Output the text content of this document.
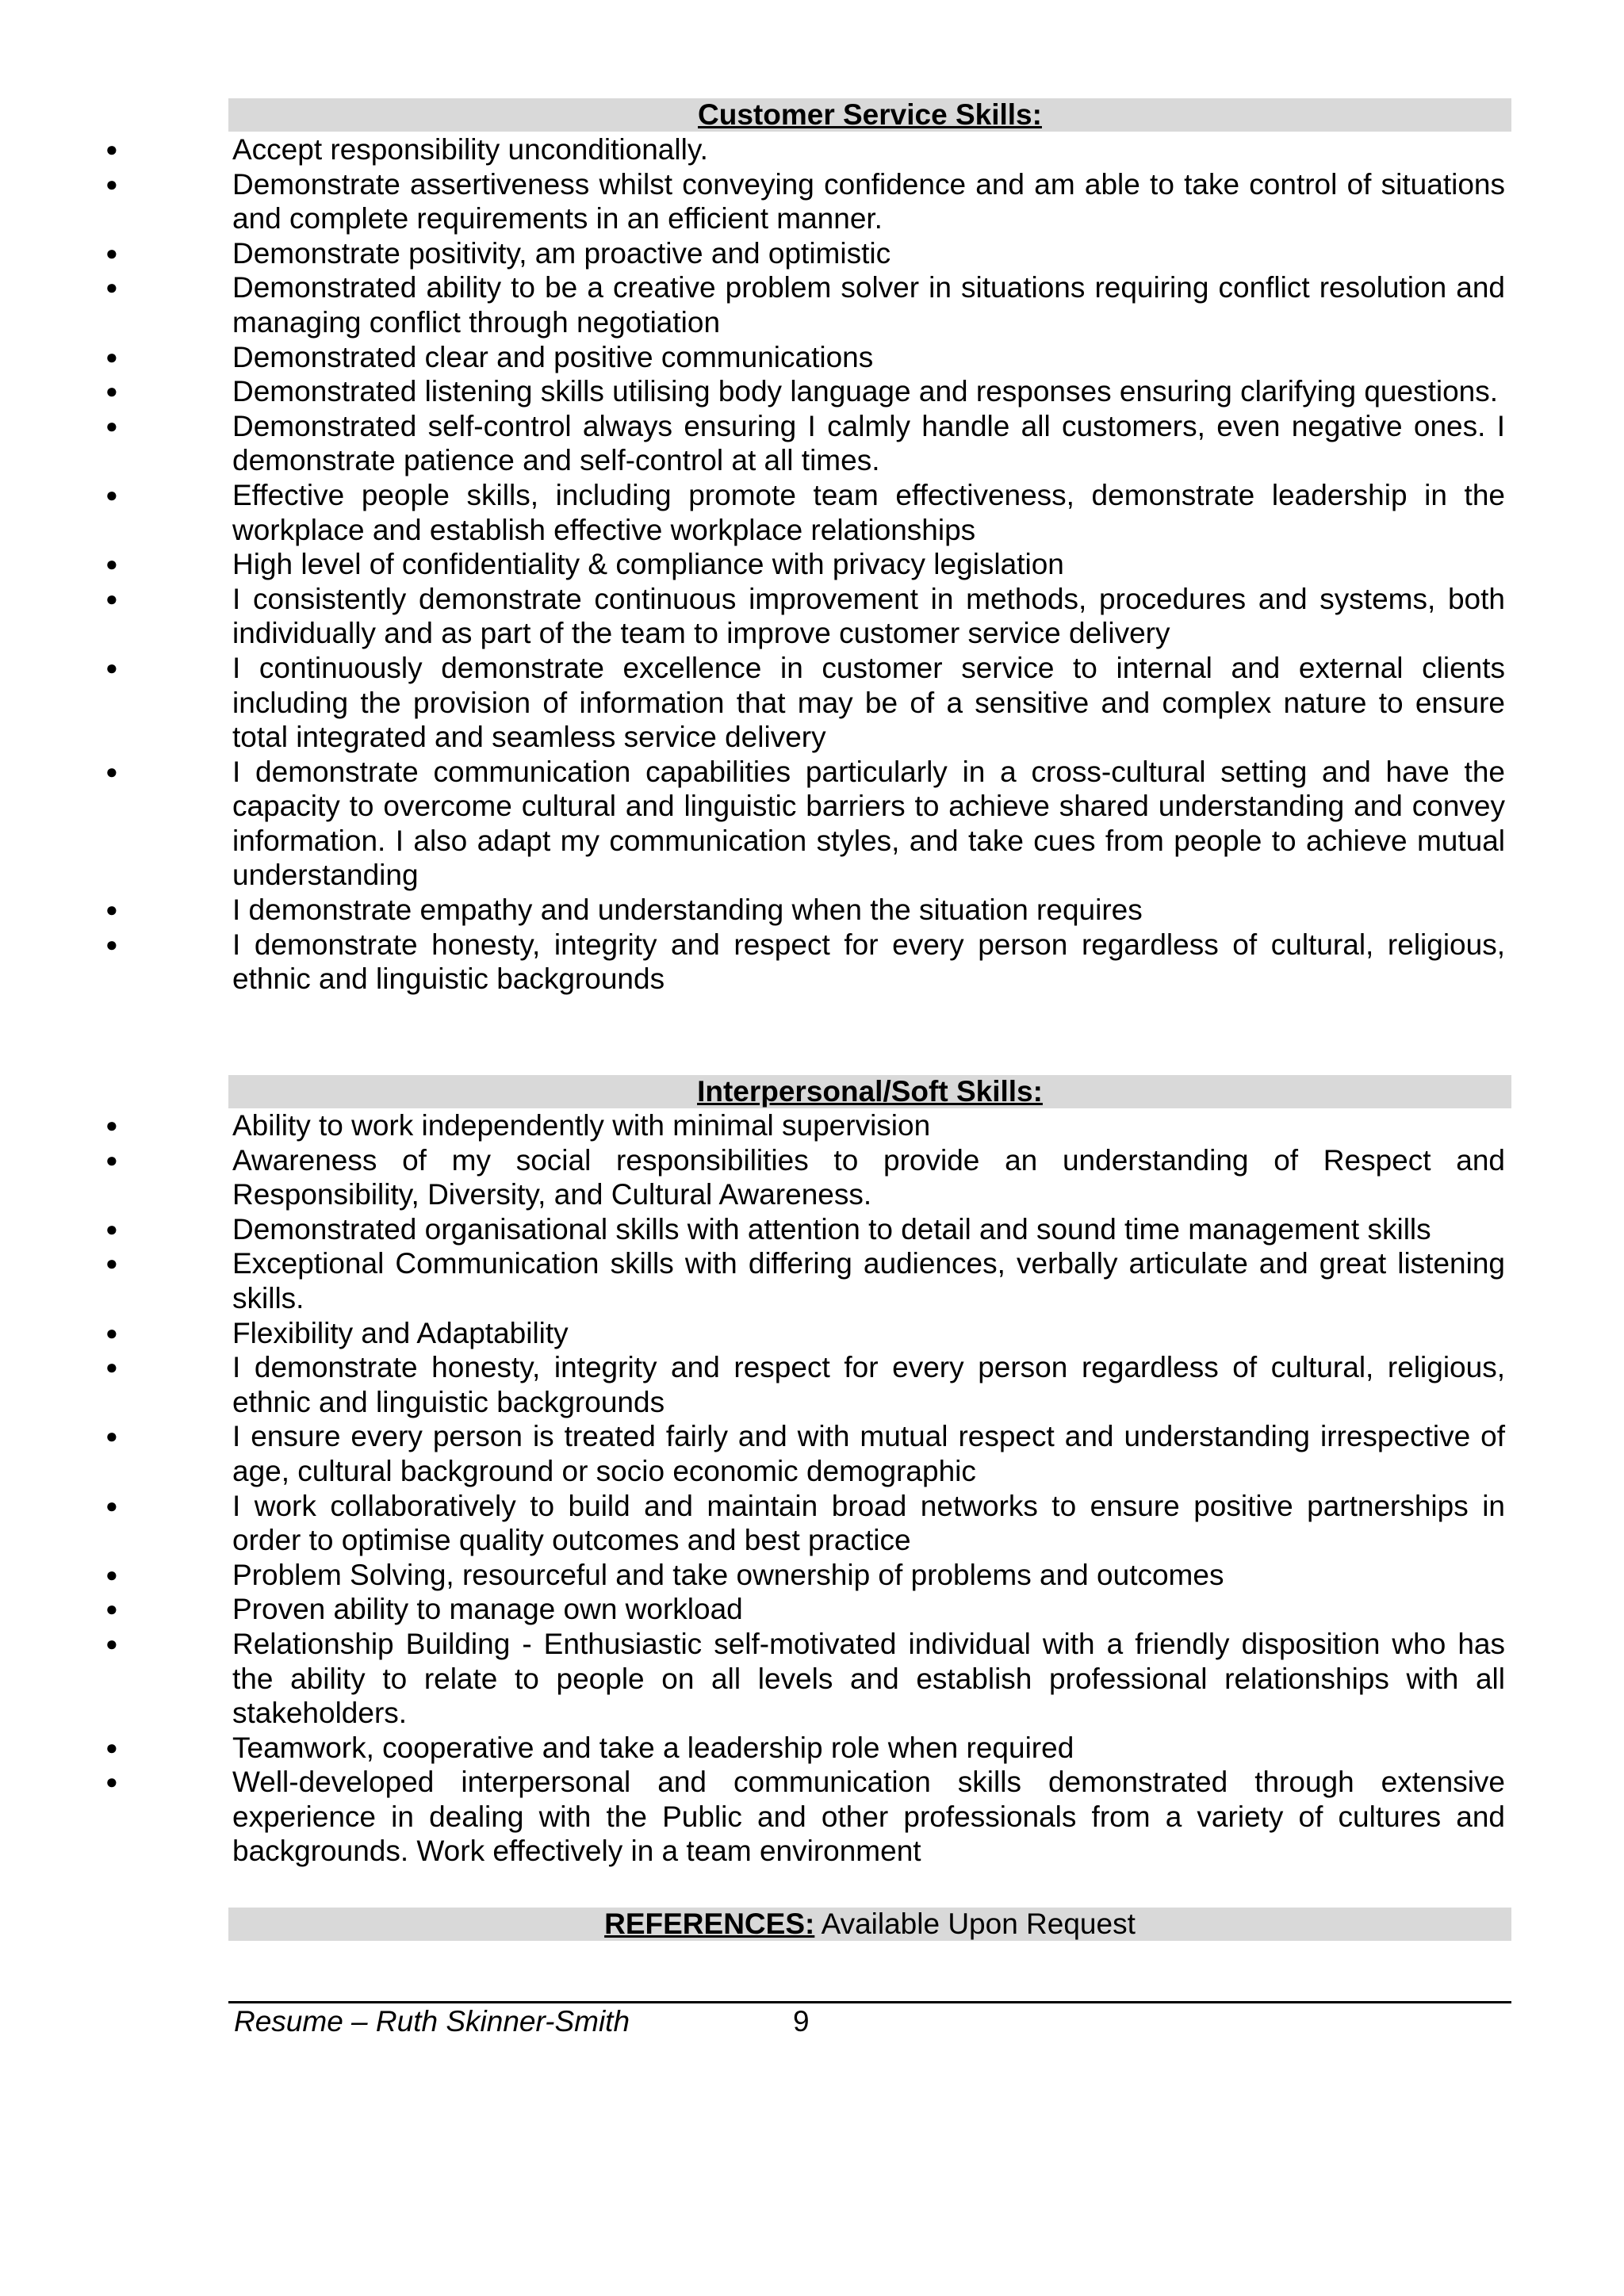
Customer Service Skills:
●	Accept responsibility unconditionally.
●	Demonstrate assertiveness whilst conveying confidence and am able to take control of situations and complete requirements in an efficient manner.
●	Demonstrate positivity, am proactive and optimistic
●	Demonstrated ability to be a creative problem solver in situations requiring conflict resolution and managing conflict through negotiation
●	Demonstrated clear and positive communications
●	Demonstrated listening skills utilising body language and responses ensuring clarifying questions.
●	Demonstrated self-control always ensuring I calmly handle all customers, even negative ones. I demonstrate patience and self-control at all times.
●	Effective people skills, including promote team effectiveness, demonstrate leadership in the workplace and establish effective workplace relationships
●	High level of confidentiality & compliance with privacy legislation
●	I consistently demonstrate continuous improvement in methods, procedures and systems, both individually and as part of the team to improve customer service delivery
●	I continuously demonstrate excellence in customer service to internal and external clients including the provision of information that may be of a sensitive and complex nature to ensure total integrated and seamless service delivery
●	I demonstrate communication capabilities particularly in a cross-cultural setting and have the capacity to overcome cultural and linguistic barriers to achieve shared understanding and convey information. I also adapt my communication styles, and take cues from people to achieve mutual understanding
●	I demonstrate empathy and understanding when the situation requires
●	I demonstrate honesty, integrity and respect for every person regardless of cultural, religious, ethnic and linguistic backgrounds
Interpersonal/Soft Skills:
●	Ability to work independently with minimal supervision
●	Awareness of my social responsibilities to provide an understanding of Respect and Responsibility, Diversity, and Cultural Awareness.
●	Demonstrated organisational skills with attention to detail and sound time management skills
●	Exceptional Communication skills with differing audiences, verbally articulate and great listening skills.
●	Flexibility and Adaptability
●	I demonstrate honesty, integrity and respect for every person regardless of cultural, religious, ethnic and linguistic backgrounds
●	I ensure every person is treated fairly and with mutual respect and understanding irrespective of age, cultural background or socio economic demographic
●	I work collaboratively to build and maintain broad networks to ensure positive partnerships in order to optimise quality outcomes and best practice
●	Problem Solving, resourceful and take ownership of problems and outcomes
●	Proven ability to manage own workload
●	Relationship Building - Enthusiastic self-motivated individual with a friendly disposition who has the ability to relate to people on all levels and establish professional relationships with all stakeholders.
●	Teamwork, cooperative and take a leadership role when required
●	Well-developed interpersonal and communication skills demonstrated through extensive experience in dealing with the Public and other professionals from a variety of cultures and backgrounds. Work effectively in a team environment
REFERENCES: Available Upon Request
Resume – Ruth Skinner-Smith	9
